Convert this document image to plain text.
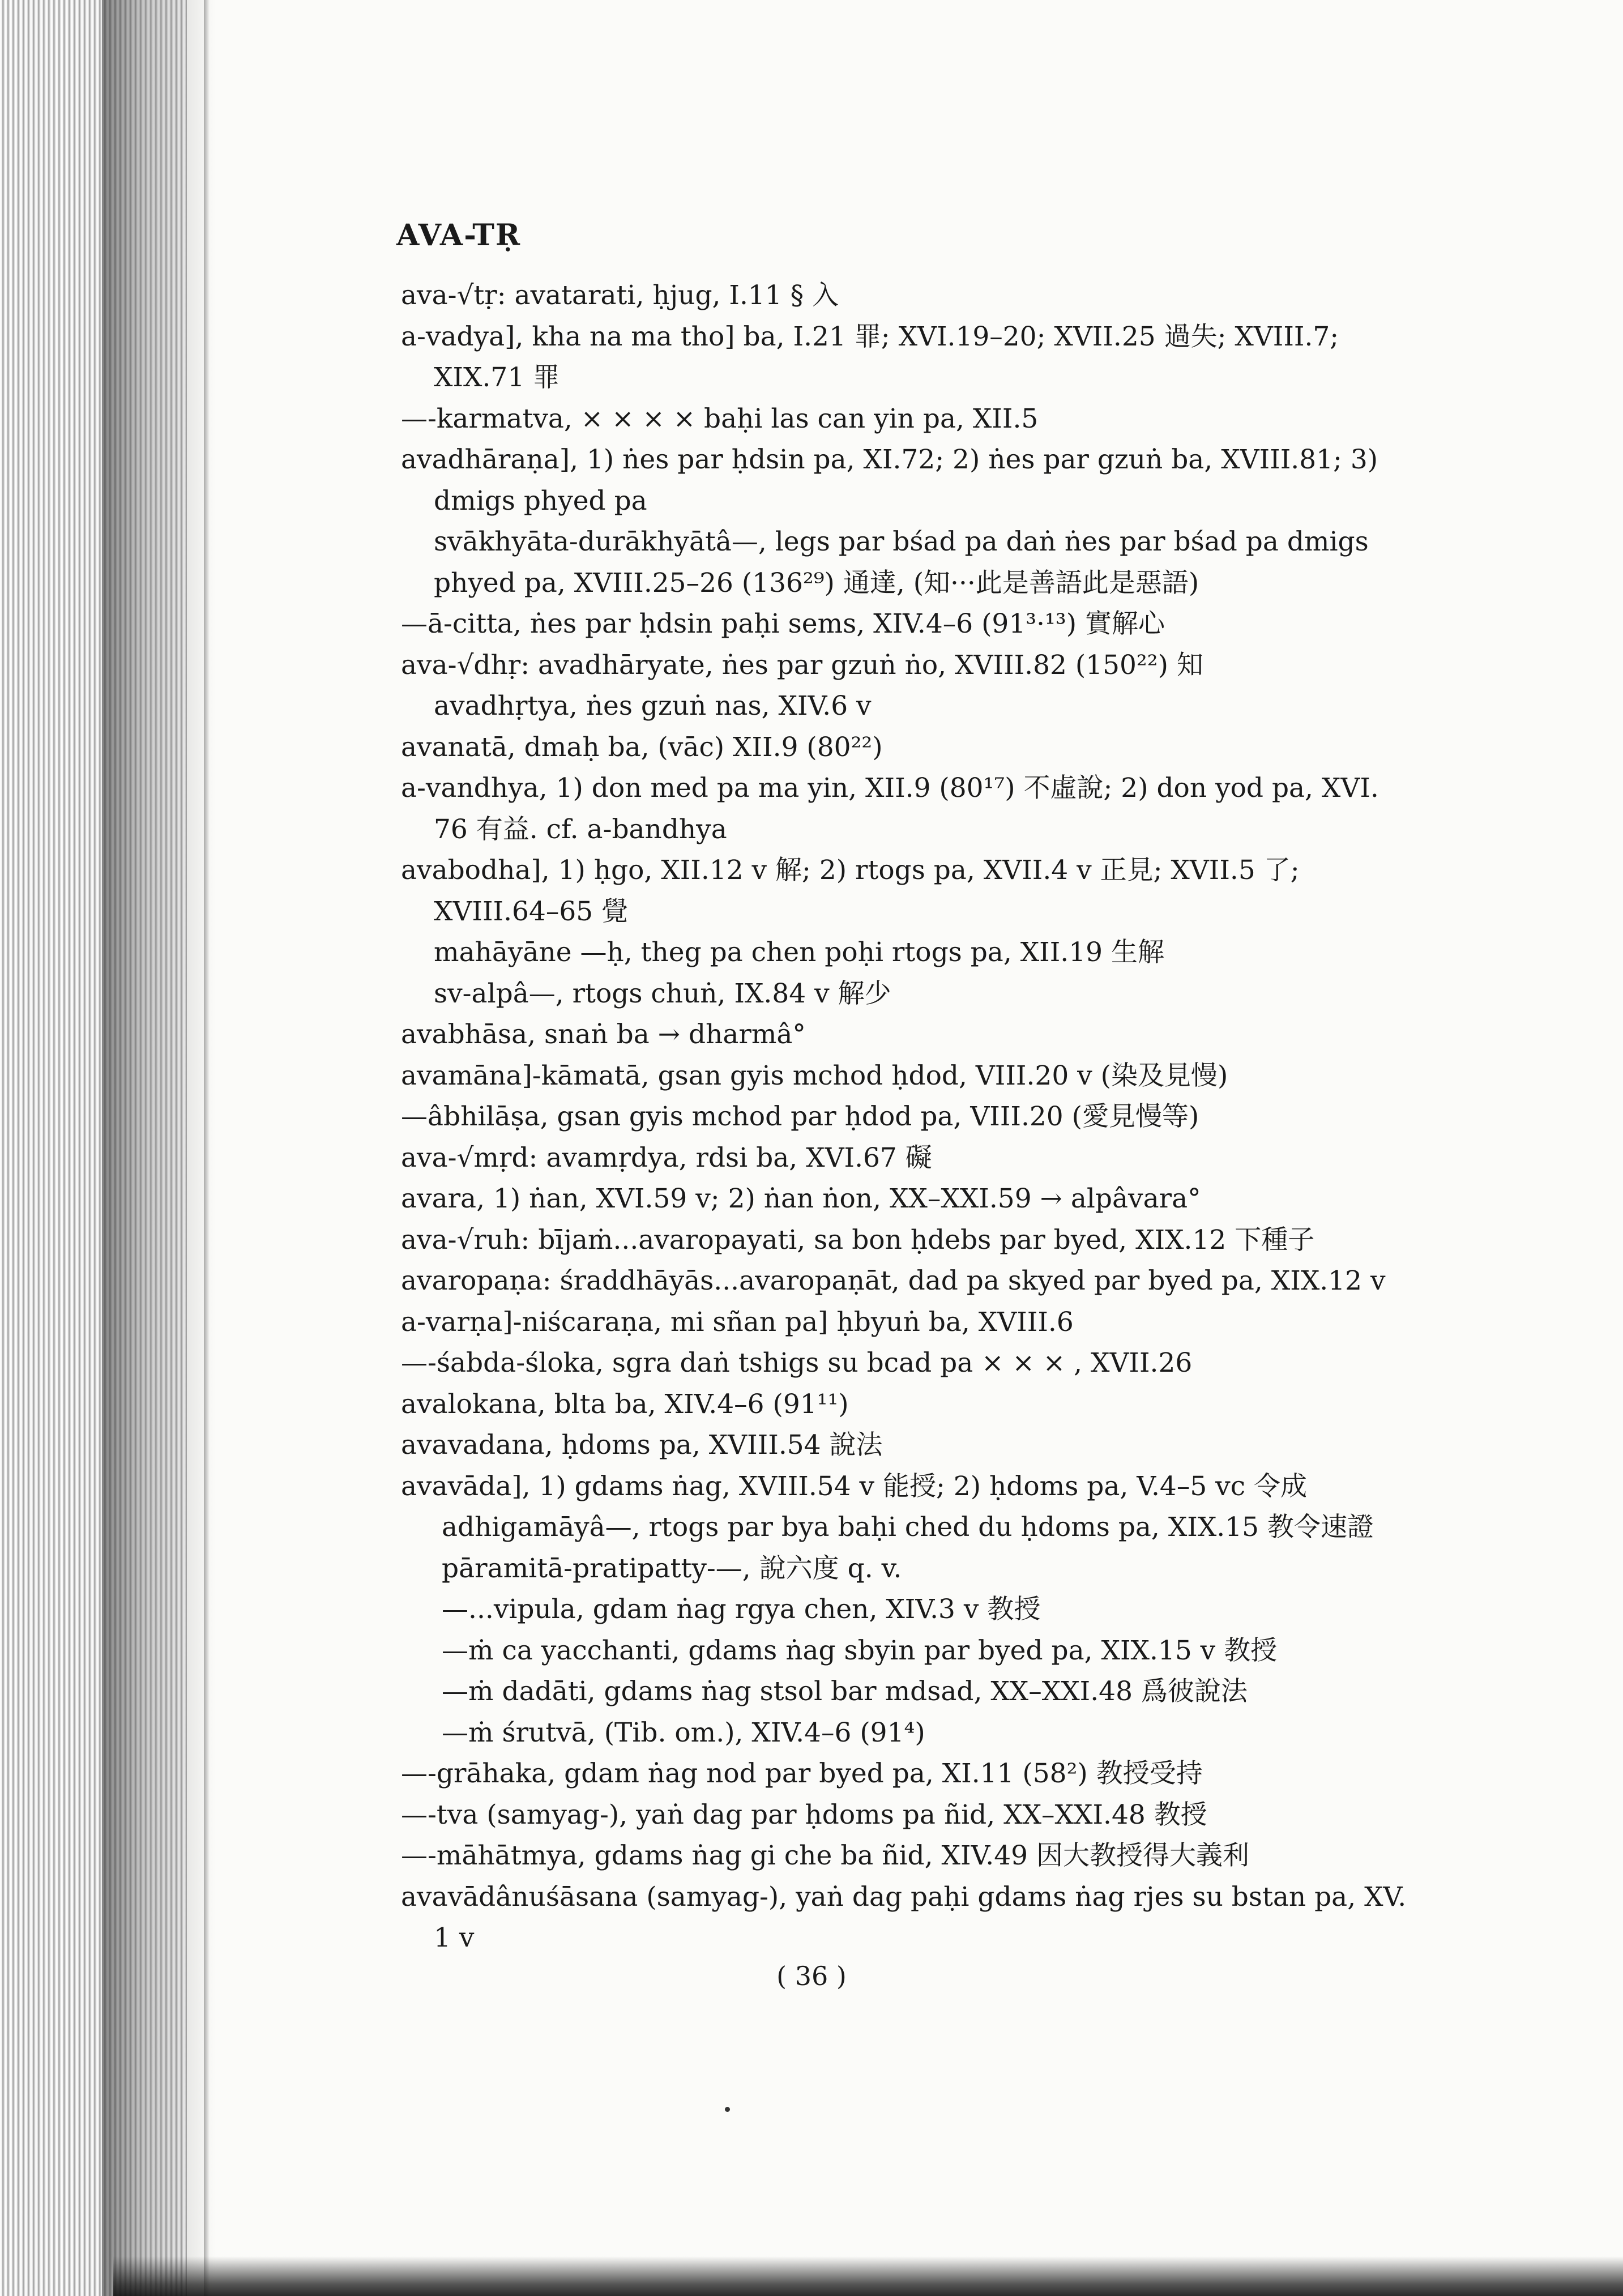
AVA-TṚ
ava-√tṛ: avatarati, ḥjug, I.11 § 入
a-vadya], kha na ma tho] ba, I.21 罪; XVI.19–20; XVII.25 過失; XVIII.7;
XIX.71 罪
—-karmatva, × × × × baḥi las can yin pa, XII.5
avadhāraṇa], 1) ṅes par ḥdsin pa, XI.72; 2) ṅes par gzuṅ ba, XVIII.81; 3)
dmigs phyed pa
svākhyāta-durākhyātâ—, legs par bśad pa daṅ ṅes par bśad pa dmigs
phyed pa, XVIII.25–26 (136²⁹) 通達, (知···此是善語此是惡語)
—ā-citta, ṅes par ḥdsin paḥi sems, XIV.4–6 (91³·¹³) 實解心
ava-√dhṛ: avadhāryate, ṅes par gzuṅ ṅo, XVIII.82 (150²²) 知
avadhṛtya, ṅes gzuṅ nas, XIV.6 v
avanatā, dmaḥ ba, (vāc) XII.9 (80²²)
a-vandhya, 1) don med pa ma yin, XII.9 (80¹⁷) 不虛說; 2) don yod pa, XVI.
76 有益. cf. a-bandhya
avabodha], 1) ḥgo, XII.12 v 解; 2) rtogs pa, XVII.4 v 正見; XVII.5 了;
XVIII.64–65 覺
mahāyāne —ḥ, theg pa chen poḥi rtogs pa, XII.19 生解
sv-alpâ—, rtogs chuṅ, IX.84 v 解少
avabhāsa, snaṅ ba → dharmâ°
avamāna]-kāmatā, gsan gyis mchod ḥdod, VIII.20 v (染及見慢)
—âbhilāṣa, gsan gyis mchod par ḥdod pa, VIII.20 (愛見慢等)
ava-√mṛd: avamṛdya, rdsi ba, XVI.67 礙
avara, 1) ṅan, XVI.59 v; 2) ṅan ṅon, XX–XXI.59 → alpâvara°
ava-√ruh: bījaṁ...avaropayati, sa bon ḥdebs par byed, XIX.12 下種子
avaropaṇa: śraddhāyās...avaropaṇāt, dad pa skyed par byed pa, XIX.12 v
a-varṇa]-niścaraṇa, mi sñan pa] ḥbyuṅ ba, XVIII.6
—-śabda-śloka, sgra daṅ tshigs su bcad pa × × × , XVII.26
avalokana, blta ba, XIV.4–6 (91¹¹)
avavadana, ḥdoms pa, XVIII.54 說法
avavāda], 1) gdams ṅag, XVIII.54 v 能授; 2) ḥdoms pa, V.4–5 vc 令成
adhigamāyâ—, rtogs par bya baḥi ched du ḥdoms pa, XIX.15 教令速證
pāramitā-pratipatty-—, 說六度 q. v.
—...vipula, gdam ṅag rgya chen, XIV.3 v 教授
—ṁ ca yacchanti, gdams ṅag sbyin par byed pa, XIX.15 v 教授
—ṁ dadāti, gdams ṅag stsol bar mdsad, XX–XXI.48 爲彼說法
—ṁ śrutvā, (Tib. om.), XIV.4–6 (91⁴)
—-grāhaka, gdam ṅag nod par byed pa, XI.11 (58²) 教授受持
—-tva (samyag-), yaṅ dag par ḥdoms pa ñid, XX–XXI.48 教授
—-māhātmya, gdams ṅag gi che ba ñid, XIV.49 因大教授得大義利
avavādânuśāsana (samyag-), yaṅ dag paḥi gdams ṅag rjes su bstan pa, XV.
1 v
( 36 )
